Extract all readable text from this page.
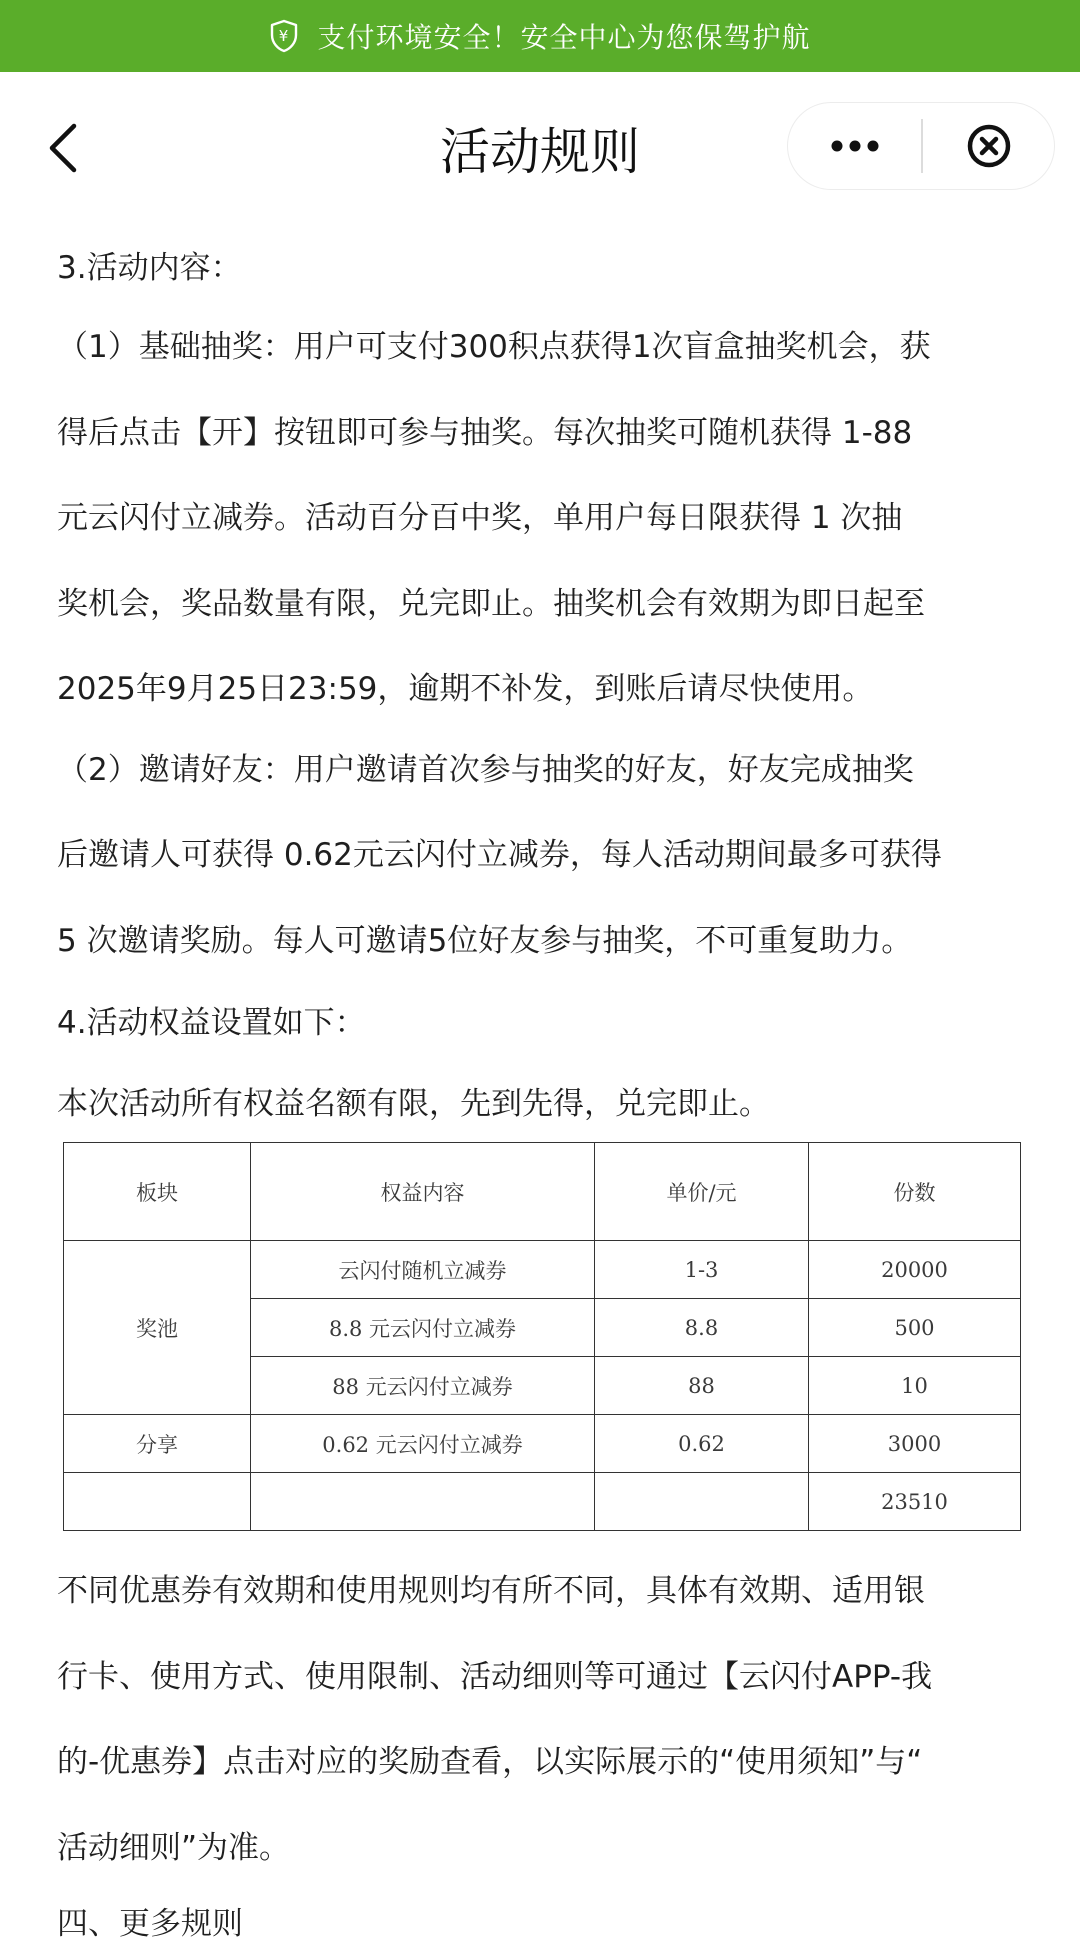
¥ 支付环境安全！安全中心为您保驾护航
活动规则
3.活动内容：
（1）基础抽奖：用户可支付300积点获得1次盲盒抽奖机会，获
得后点击【开】按钮即可参与抽奖。每次抽奖可随机获得 1-88
元云闪付立减券。活动百分百中奖，单用户每日限获得 1 次抽
奖机会，奖品数量有限，兑完即止。抽奖机会有效期为即日起至
2025年9月25日23:59，逾期不补发，到账后请尽快使用。
（2）邀请好友：用户邀请首次参与抽奖的好友，好友完成抽奖
后邀请人可获得 0.62元云闪付立减券，每人活动期间最多可获得
5 次邀请奖励。每人可邀请5位好友参与抽奖，不可重复助力。
4.活动权益设置如下：
本次活动所有权益名额有限，先到先得，兑完即止。
板块	权益内容	单价/元	份数
奖池	云闪付随机立减券	1-3	20000
	8.8 元云闪付立减券	8.8	500
	88 元云闪付立减券	88	10
分享	0.62 元云闪付立减券	0.62	3000
			23510
不同优惠券有效期和使用规则均有所不同，具体有效期、适用银
行卡、使用方式、使用限制、活动细则等可通过【云闪付APP-我
的-优惠券】点击对应的奖励查看，以实际展示的“使用须知”与“
活动细则”为准。
四、更多规则
